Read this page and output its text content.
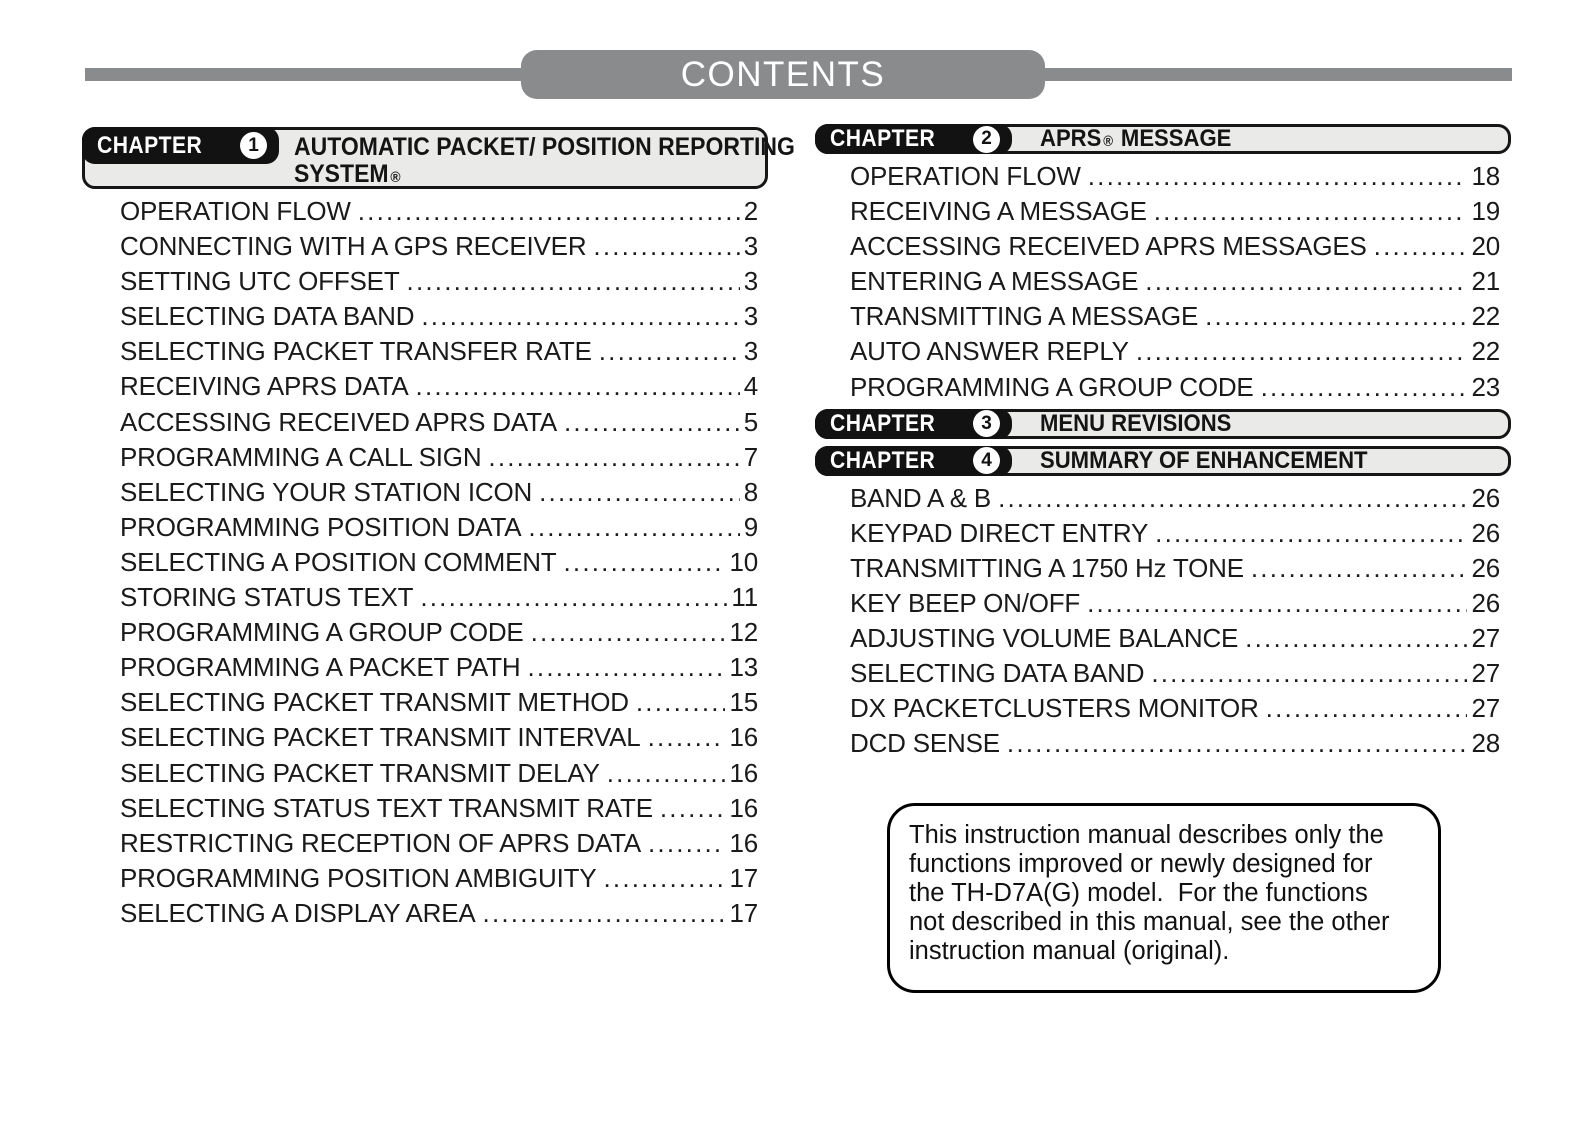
CONTENTS
CHAPTER 1 AUTOMATIC PACKET/ POSITION REPORTING
SYSTEM ®
OPERATION FLOW .....	2
CONNECTING WITH A GPS RECEIVER .....	3
SETTING UTC OFFSET .....	3
SELECTING DATA BAND .....	3
SELECTING PACKET TRANSFER RATE .....	3
RECEIVING APRS DATA .....	4
ACCESSING RECEIVED APRS DATA .....	5
PROGRAMMING A CALL SIGN .....	7
SELECTING YOUR STATION ICON .....	8
PROGRAMMING POSITION DATA .....	9
SELECTING A POSITION COMMENT .....	10
STORING STATUS TEXT .....	11
PROGRAMMING A GROUP CODE .....	12
PROGRAMMING A PACKET PATH .....	13
SELECTING PACKET TRANSMIT METHOD .....	15
SELECTING PACKET TRANSMIT INTERVAL .....	16
SELECTING PACKET TRANSMIT DELAY .....	16
SELECTING STATUS TEXT TRANSMIT RATE .....	16
RESTRICTING RECEPTION OF APRS DATA .....	16
PROGRAMMING POSITION AMBIGUITY .....	17
SELECTING A DISPLAY AREA .....	17
CHAPTER 2 APRS ® MESSAGE
OPERATION FLOW .....	18
RECEIVING A MESSAGE .....	19
ACCESSING RECEIVED APRS MESSAGES .....	20
ENTERING A MESSAGE .....	21
TRANSMITTING A MESSAGE .....	22
AUTO ANSWER REPLY .....	22
PROGRAMMING A GROUP CODE .....	23
CHAPTER 3 MENU REVISIONS
CHAPTER 4 SUMMARY OF ENHANCEMENT
BAND A & B .....	26
KEYPAD DIRECT ENTRY .....	26
TRANSMITTING A 1750 Hz TONE .....	26
KEY BEEP ON/OFF .....	26
ADJUSTING VOLUME BALANCE .....	27
SELECTING DATA BAND .....	27
DX PACKETCLUSTERS MONITOR .....	27
DCD SENSE .....	28
This instruction manual describes only the
functions improved or newly designed for
the TH-D7A(G) model.  For the functions
not described in this manual, see the other
instruction manual (original).
